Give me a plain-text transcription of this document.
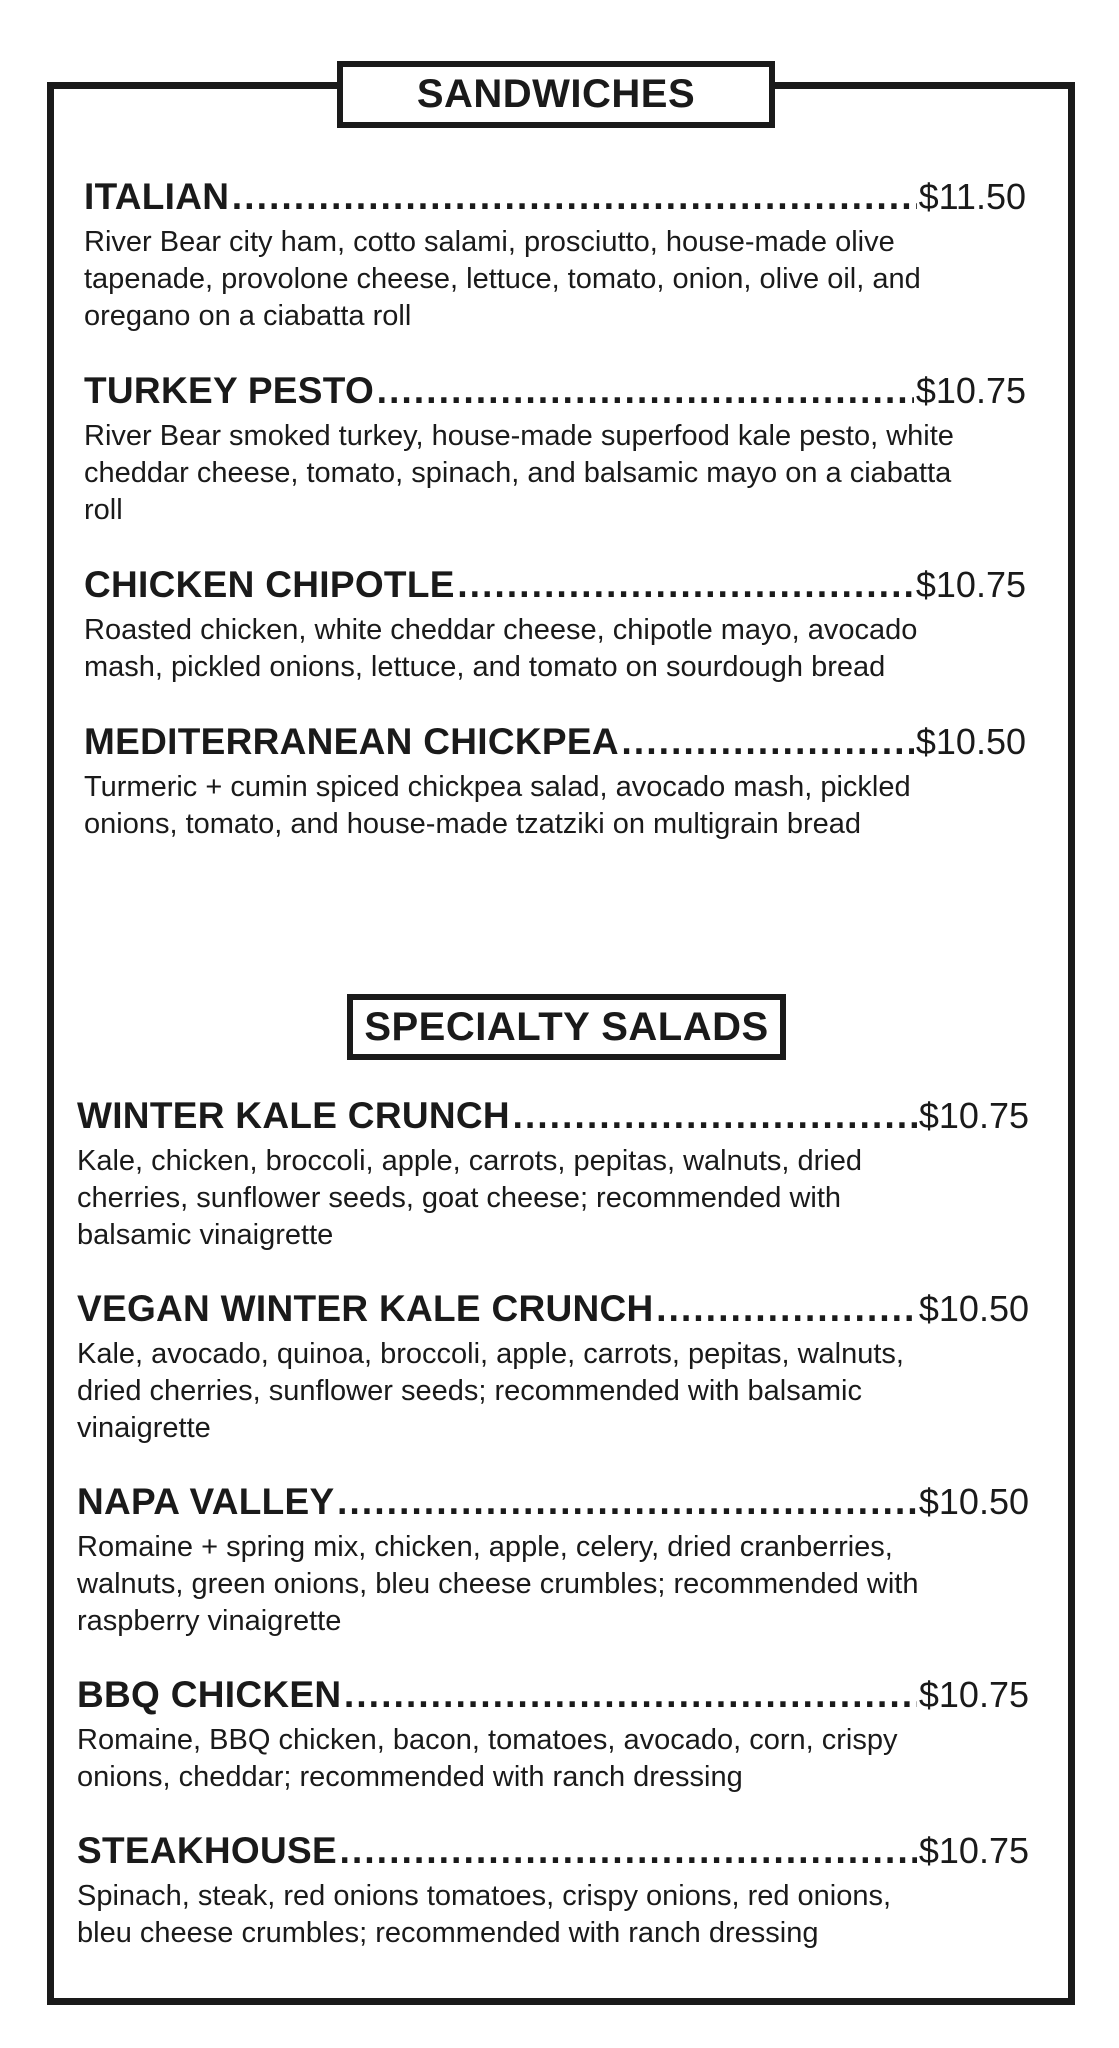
SANDWICHES
ITALIAN .....	$11.50
River Bear city ham, cotto salami, prosciutto, house-made olive tapenade, provolone cheese, lettuce, tomato, onion, olive oil, and oregano on a ciabatta roll
TURKEY PESTO .....	$10.75
River Bear smoked turkey, house-made superfood kale pesto, white cheddar cheese, tomato, spinach, and balsamic mayo on a ciabatta roll
CHICKEN CHIPOTLE .....	$10.75
Roasted chicken, white cheddar cheese, chipotle mayo, avocado mash, pickled onions, lettuce, and tomato on sourdough bread
MEDITERRANEAN CHICKPEA .....	$10.50
Turmeric + cumin spiced chickpea salad, avocado mash, pickled onions, tomato, and house-made tzatziki on multigrain bread
SPECIALTY SALADS
WINTER KALE CRUNCH .....	$10.75
Kale, chicken, broccoli, apple, carrots, pepitas, walnuts, dried cherries, sunflower seeds, goat cheese; recommended with balsamic vinaigrette
VEGAN WINTER KALE CRUNCH .....	$10.50
Kale, avocado, quinoa, broccoli, apple, carrots, pepitas, walnuts, dried cherries, sunflower seeds; recommended with balsamic vinaigrette
NAPA VALLEY .....	$10.50
Romaine + spring mix, chicken, apple, celery, dried cranberries, walnuts, green onions, bleu cheese crumbles; recommended with raspberry vinaigrette
BBQ CHICKEN .....	$10.75
Romaine, BBQ chicken, bacon, tomatoes, avocado, corn, crispy onions, cheddar; recommended with ranch dressing
STEAKHOUSE .....	$10.75
Spinach, steak, red onions tomatoes, crispy onions, red onions, bleu cheese crumbles; recommended with ranch dressing
